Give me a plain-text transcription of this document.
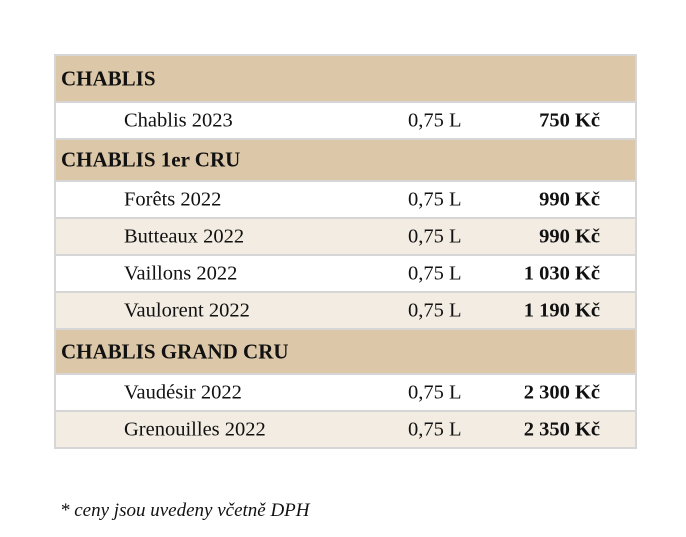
CHABLIS
Chablis 2023	0,75 L	750 Kč
CHABLIS 1er CRU
Forêts 2022	0,75 L	990 Kč
Butteaux 2022	0,75 L	990 Kč
Vaillons 2022	0,75 L	1 030 Kč
Vaulorent 2022	0,75 L	1 190 Kč
CHABLIS GRAND CRU
Vaudésir 2022	0,75 L	2 300 Kč
Grenouilles 2022	0,75 L	2 350 Kč
* ceny jsou uvedeny včetně DPH
